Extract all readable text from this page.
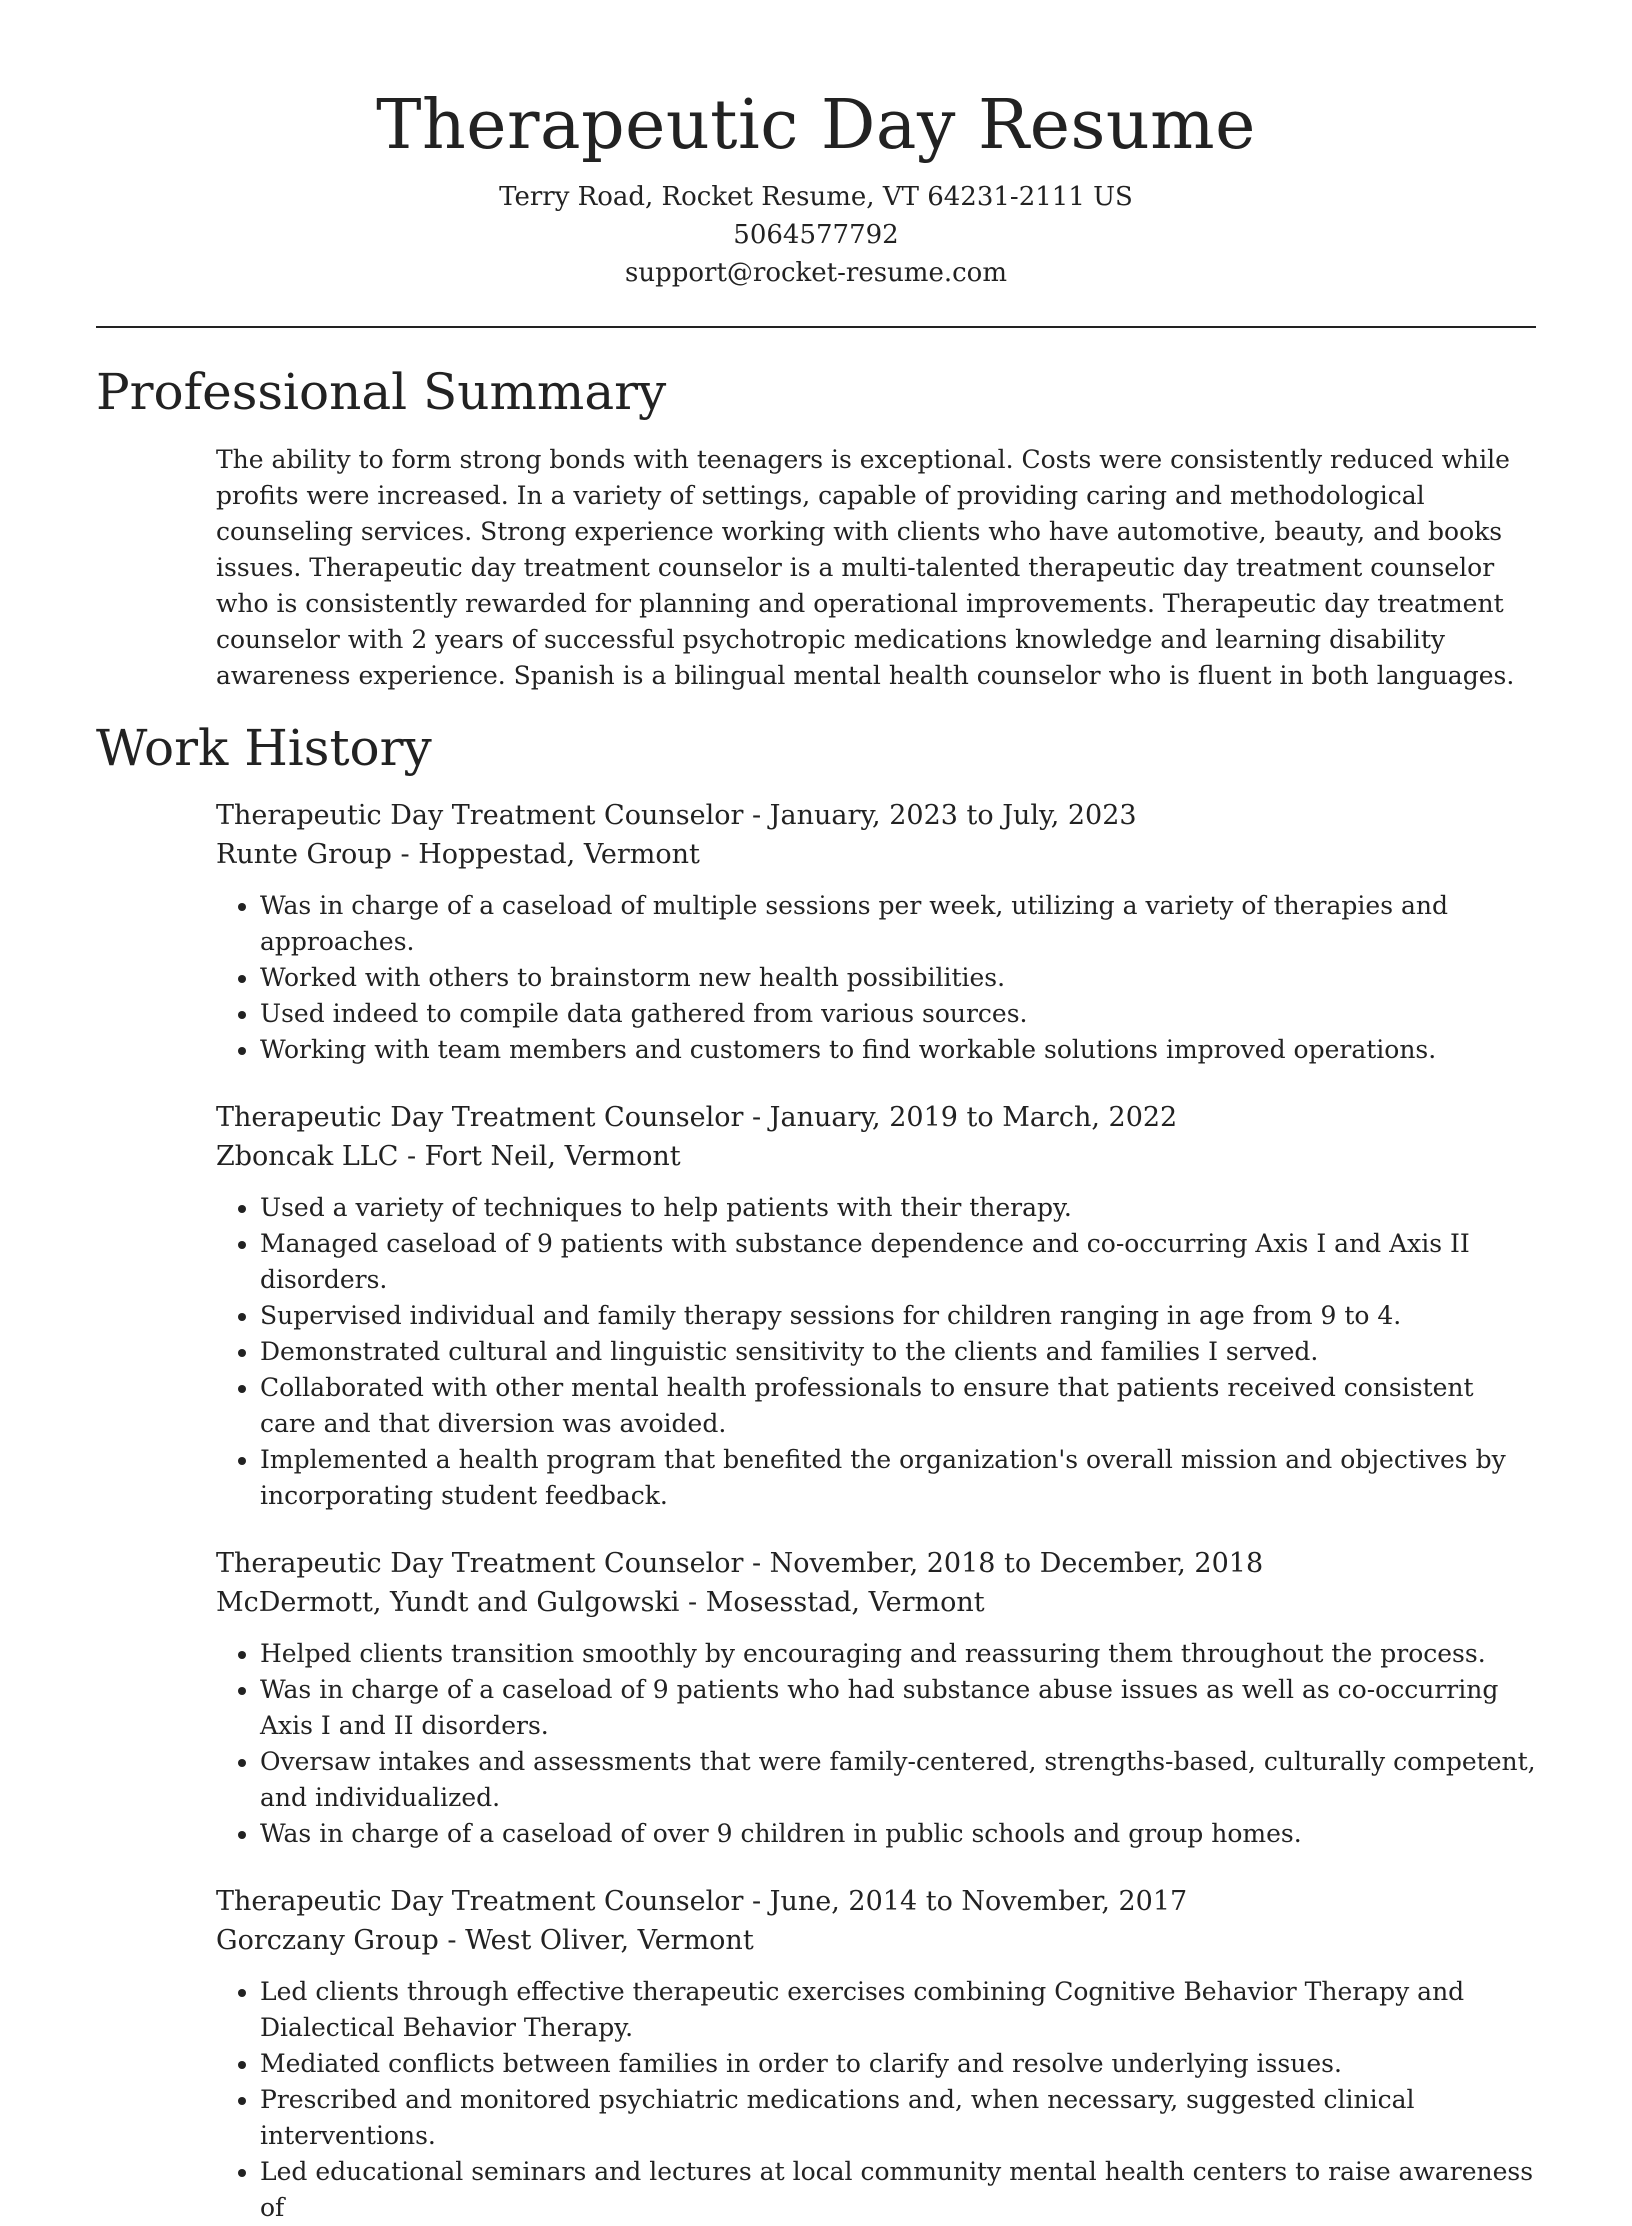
Therapeutic Day Resume
Terry Road, Rocket Resume, VT 64231-2111 US
5064577792
support@rocket-resume.com
Professional Summary

The ability to form strong bonds with teenagers is exceptional. Costs were consistently reduced while profits were increased. In a variety of settings, capable of providing caring and methodological counseling services. Strong experience working with clients who have automotive, beauty, and books issues. Therapeutic day treatment counselor is a multi-talented therapeutic day treatment counselor who is consistently rewarded for planning and operational improvements. Therapeutic day treatment counselor with 2 years of successful psychotropic medications knowledge and learning disability awareness experience. Spanish is a bilingual mental health counselor who is fluent in both languages.

Work History
Therapeutic Day Treatment Counselor - January, 2023 to July, 2023
Runte Group - Hoppestad, Vermont
• Was in charge of a caseload of multiple sessions per week, utilizing a variety of therapies and approaches.
• Worked with others to brainstorm new health possibilities.
• Used indeed to compile data gathered from various sources.
• Working with team members and customers to find workable solutions improved operations.
Therapeutic Day Treatment Counselor - January, 2019 to March, 2022
Zboncak LLC - Fort Neil, Vermont
• Used a variety of techniques to help patients with their therapy.
• Managed caseload of 9 patients with substance dependence and co-occurring Axis I and Axis II disorders.
• Supervised individual and family therapy sessions for children ranging in age from 9 to 4.
• Demonstrated cultural and linguistic sensitivity to the clients and families I served.
• Collaborated with other mental health professionals to ensure that patients received consistent care and that diversion was avoided.
• Implemented a health program that benefited the organization's overall mission and objectives by incorporating student feedback.
Therapeutic Day Treatment Counselor - November, 2018 to December, 2018
McDermott, Yundt and Gulgowski - Mosesstad, Vermont
• Helped clients transition smoothly by encouraging and reassuring them throughout the process.
• Was in charge of a caseload of 9 patients who had substance abuse issues as well as co-occurring Axis I and II disorders.
• Oversaw intakes and assessments that were family-centered, strengths-based, culturally competent, and individualized.
• Was in charge of a caseload of over 9 children in public schools and group homes.
Therapeutic Day Treatment Counselor - June, 2014 to November, 2017
Gorczany Group - West Oliver, Vermont
• Led clients through effective therapeutic exercises combining Cognitive Behavior Therapy and Dialectical Behavior Therapy.
• Mediated conflicts between families in order to clarify and resolve underlying issues.
• Prescribed and monitored psychiatric medications and, when necessary, suggested clinical interventions.
• Led educational seminars and lectures at local community mental health centers to raise awareness of
